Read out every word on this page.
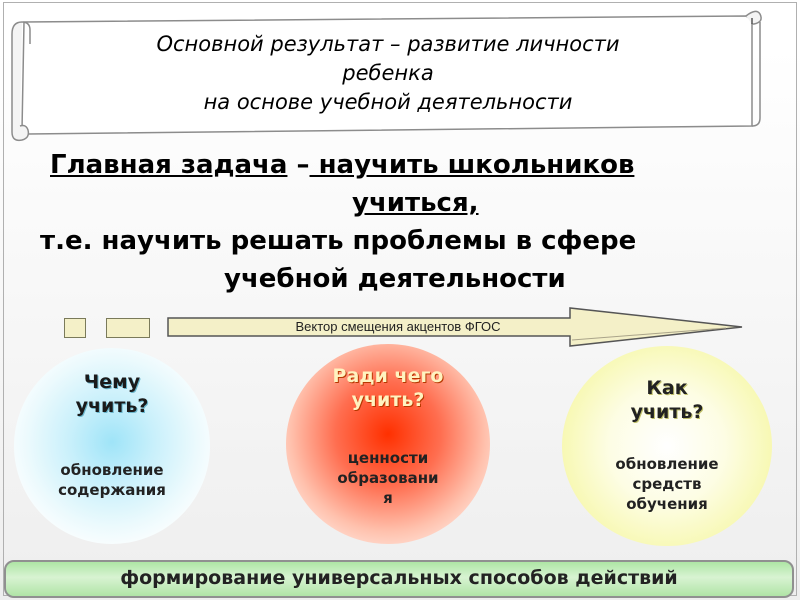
Основной результат – развитие личности
ребенка
на основе учебной деятельности
Главная задача – научить школьников
учиться,
т.е. научить решать проблемы в сфере
учебной деятельности
Вектор смещения акцентов ФГОС
Чему
учить?
обновление
содержания
Ради чего
учить?
ценности
образовани
я
Как
учить?
обновление
средств
обучения
формирование универсальных способов действий
